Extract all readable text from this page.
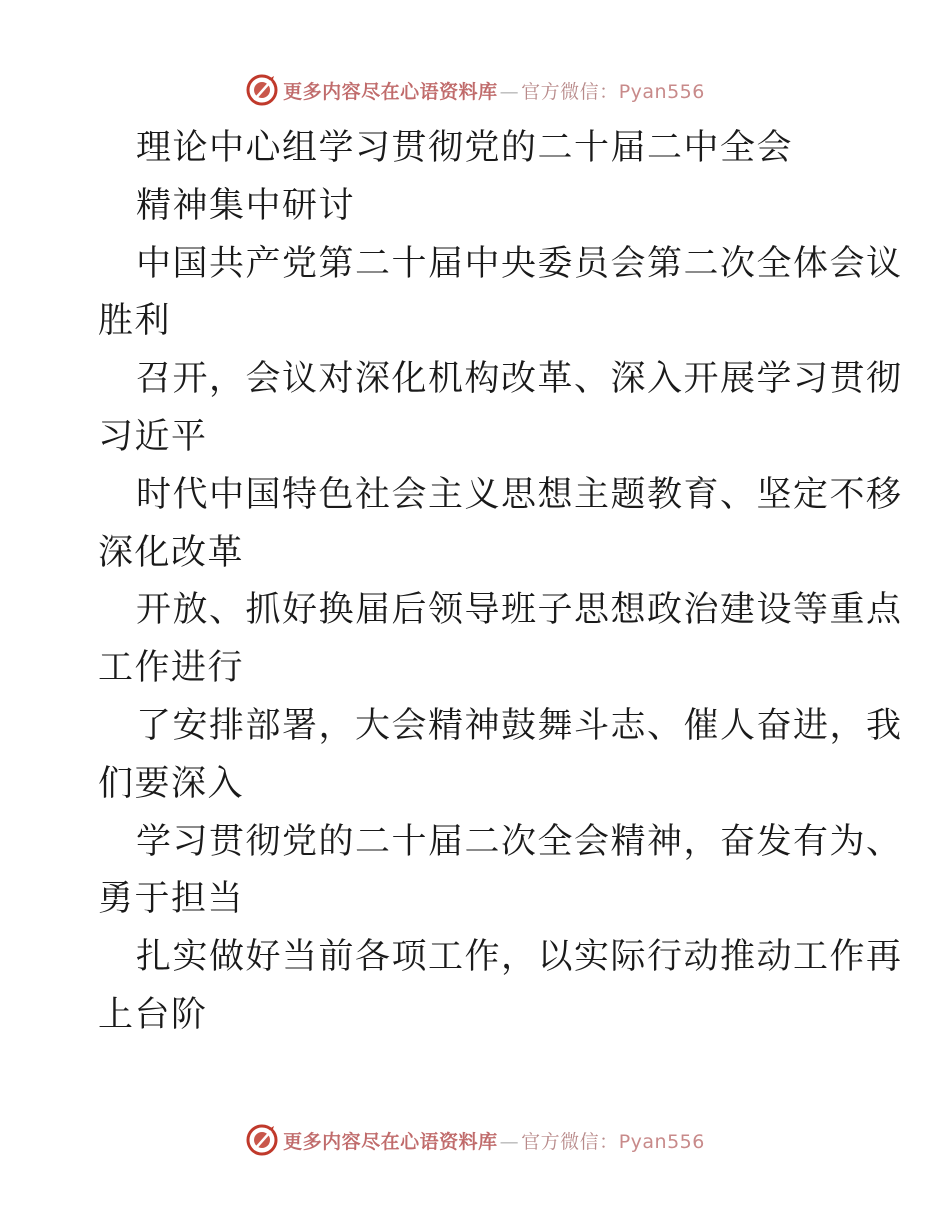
更多内容尽在心语资料库 — 官方微信：Pyan556
理论中心组学习贯彻党的二十届二中全会
精神集中研讨
中国共产党第二十届中央委员会第二次全体会议
胜利
召开，会议对深化机构改革、深入开展学习贯彻
习近平
时代中国特色社会主义思想主题教育、坚定不移
深化改革
开放、抓好换届后领导班子思想政治建设等重点
工作进行
了安排部署，大会精神鼓舞斗志、催人奋进，我
们要深入
学习贯彻党的二十届二次全会精神，奋发有为、
勇于担当
扎实做好当前各项工作，以实际行动推动工作再
上台阶
更多内容尽在心语资料库 — 官方微信：Pyan556
